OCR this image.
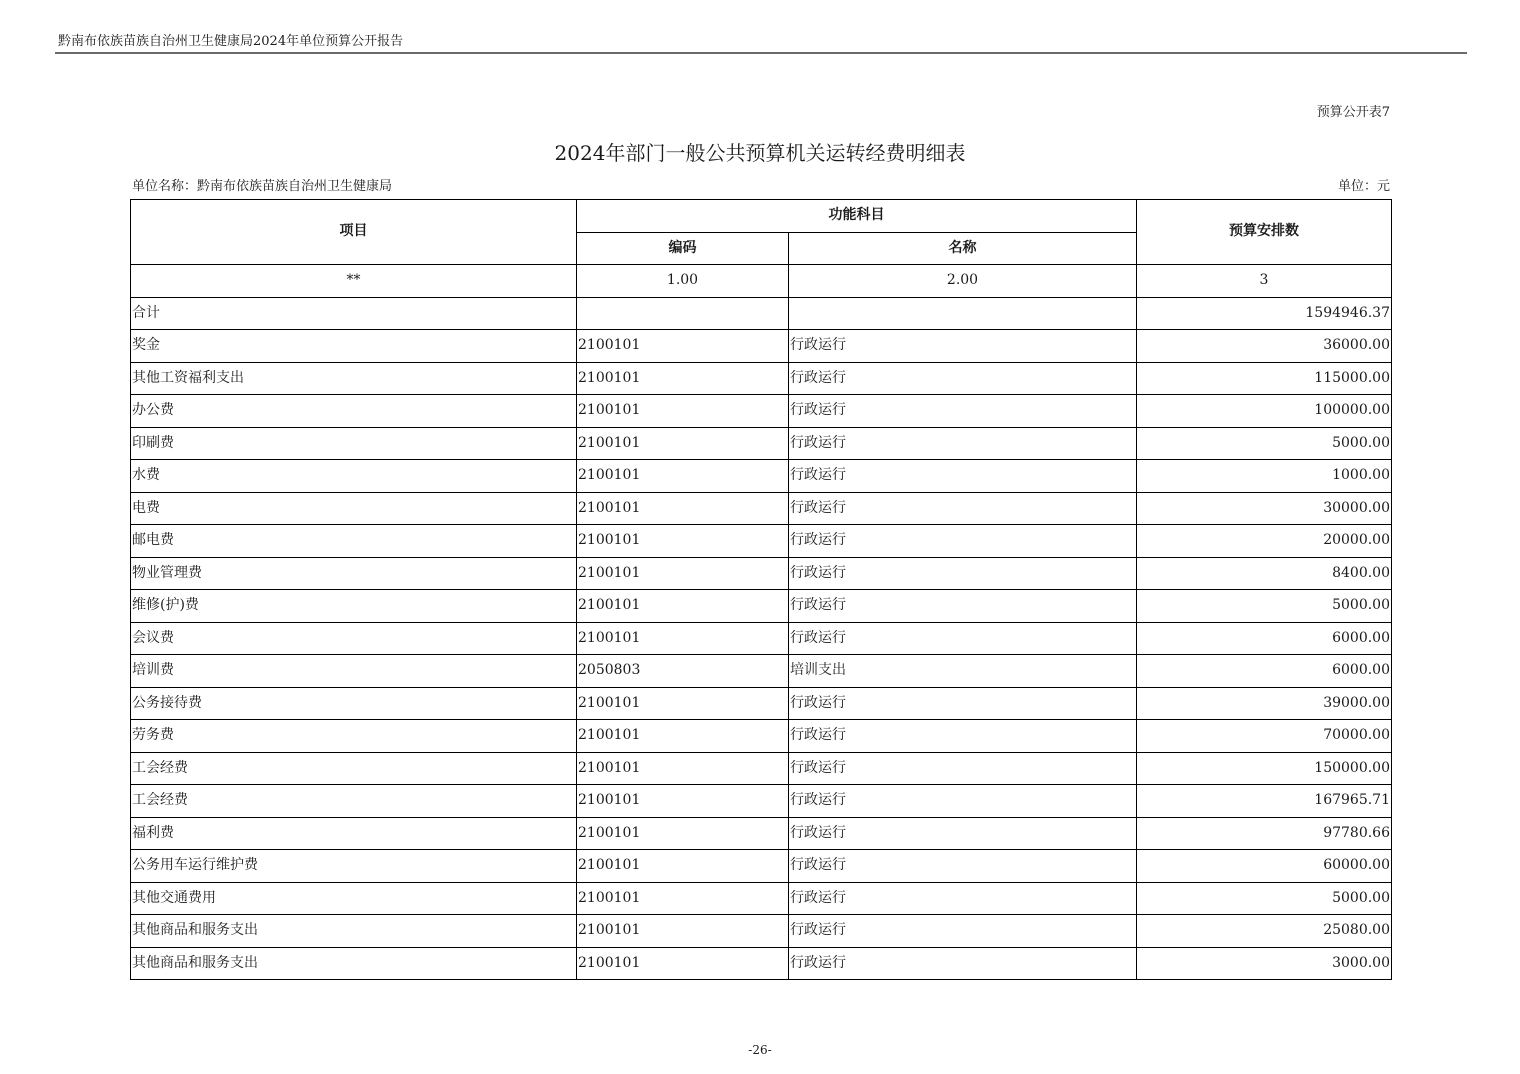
黔南布依族苗族自治州卫生健康局2024年单位预算公开报告
预算公开表7
2024年部门一般公共预算机关运转经费明细表
单位名称：黔南布依族苗族自治州卫生健康局	单位：元
项目	功能科目		预算安排数
	编码	名称	
**	1.00	2.00	3
合计			1594946.37
奖金	2100101	行政运行	36000.00
其他工资福利支出	2100101	行政运行	115000.00
办公费	2100101	行政运行	100000.00
印刷费	2100101	行政运行	5000.00
水费	2100101	行政运行	1000.00
电费	2100101	行政运行	30000.00
邮电费	2100101	行政运行	20000.00
物业管理费	2100101	行政运行	8400.00
维修(护)费	2100101	行政运行	5000.00
会议费	2100101	行政运行	6000.00
培训费	2050803	培训支出	6000.00
公务接待费	2100101	行政运行	39000.00
劳务费	2100101	行政运行	70000.00
工会经费	2100101	行政运行	150000.00
工会经费	2100101	行政运行	167965.71
福利费	2100101	行政运行	97780.66
公务用车运行维护费	2100101	行政运行	60000.00
其他交通费用	2100101	行政运行	5000.00
其他商品和服务支出	2100101	行政运行	25080.00
其他商品和服务支出	2100101	行政运行	3000.00
-26-
